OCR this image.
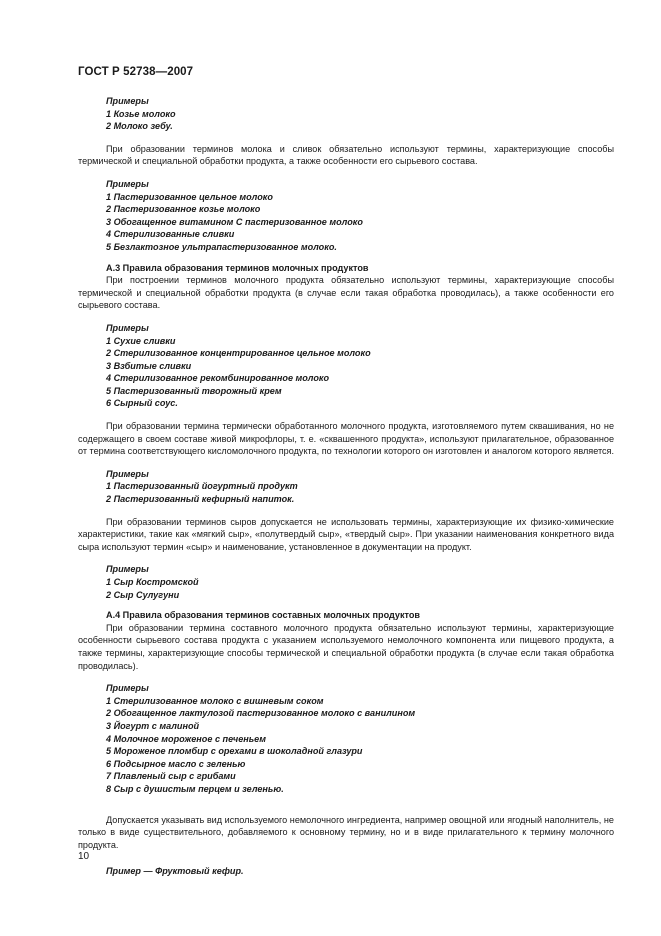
ГОСТ Р 52738—2007
Примеры
1 Козье молоко
2 Молоко зебу.
При образовании терминов молока и сливок обязательно используют термины, характеризующие способы термической и специальной обработки продукта, а также особенности его сырьевого состава.
Примеры
1 Пастеризованное цельное молоко
2 Пастеризованное козье молоко
3 Обогащенное витамином С пастеризованное молоко
4 Стерилизованные сливки
5 Безлактозное ультрапастеризованное молоко.
А.3 Правила образования терминов молочных продуктов
При построении терминов молочного продукта обязательно используют термины, характеризующие способы термической и специальной обработки продукта (в случае если такая обработка проводилась), а также особенности его сырьевого состава.
Примеры
1 Сухие сливки
2 Стерилизованное концентрированное цельное молоко
3 Взбитые сливки
4 Стерилизованное рекомбинированное молоко
5 Пастеризованный творожный крем
6 Сырный соус.
При образовании термина термически обработанного молочного продукта, изготовляемого путем сквашивания, но не содержащего в своем составе живой микрофлоры, т. е. «сквашенного продукта», используют прилагательное, образованное от термина соответствующего кисломолочного продукта, по технологии которого он изготовлен и аналогом которого является.
Примеры
1 Пастеризованный йогуртный продукт
2 Пастеризованный кефирный напиток.
При образовании терминов сыров допускается не использовать термины, характеризующие их физико-химические характеристики, такие как «мягкий сыр», «полутвердый сыр», «твердый сыр». При указании наименования конкретного вида сыра используют термин «сыр» и наименование, установленное в документации на продукт.
Примеры
1 Сыр Костромской
2 Сыр Сулугуни
А.4 Правила образования терминов составных молочных продуктов
При образовании термина составного молочного продукта обязательно используют термины, характеризующие особенности сырьевого состава продукта с указанием используемого немолочного компонента или пищевого продукта, а также термины, характеризующие способы термической и специальной обработки продукта (в случае если такая обработка проводилась).
Примеры
1 Стерилизованное молоко с вишневым соком
2 Обогащенное лактулозой пастеризованное молоко с ванилином
3 Йогурт с малиной
4 Молочное мороженое с печеньем
5 Мороженое пломбир с орехами в шоколадной глазури
6 Подсырное масло с зеленью
7 Плавленый сыр с грибами
8 Сыр с душистым перцем и зеленью.
Допускается указывать вид используемого немолочного ингредиента, например овощной или ягодный наполнитель, не только в виде существительного, добавляемого к основному термину, но и в виде прилагательного к термину молочного продукта.
Пример — Фруктовый кефир.
10
